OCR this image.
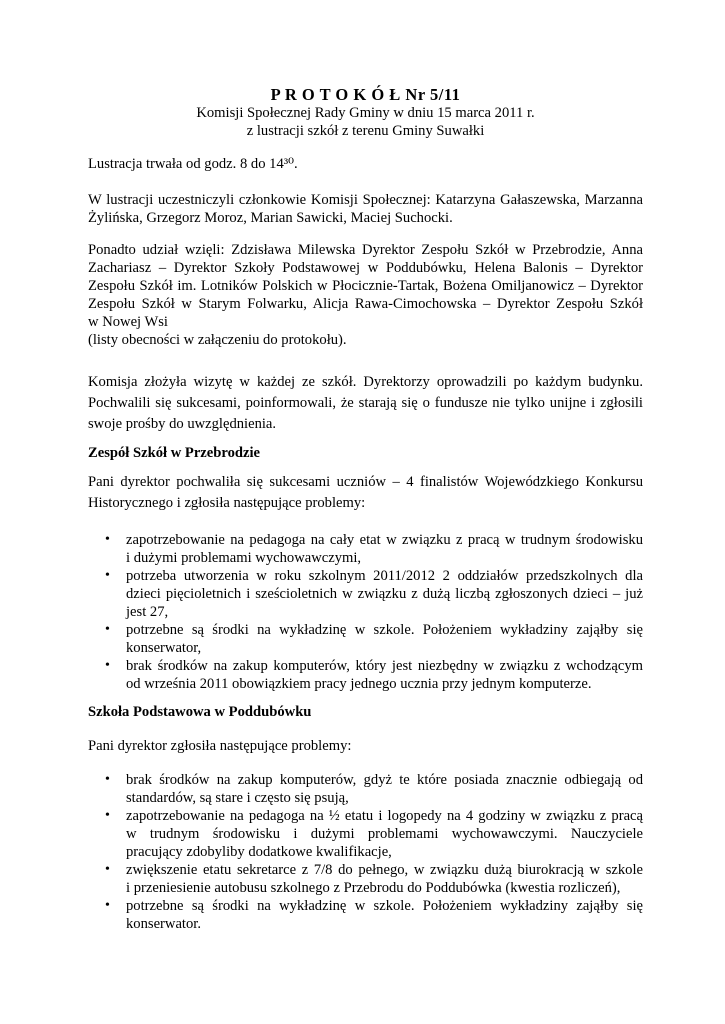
P R O T O K Ó Ł Nr 5/11
Komisji Społecznej Rady Gminy w dniu 15 marca 2011 r.
z lustracji szkół z terenu Gminy Suwałki
Lustracja trwała od godz. 8 do 14³⁰.
W lustracji uczestniczyli członkowie Komisji Społecznej: Katarzyna Gałaszewska, Marzanna
Żylińska, Grzegorz Moroz, Marian Sawicki, Maciej Suchocki.
Ponadto udział wzięli: Zdzisława Milewska Dyrektor Zespołu Szkół w Przebrodzie, Anna
Zachariasz – Dyrektor Szkoły Podstawowej w Poddubówku, Helena Balonis – Dyrektor
Zespołu Szkół im. Lotników Polskich w Płocicznie-Tartak, Bożena Omiljanowicz – Dyrektor
Zespołu Szkół w Starym Folwarku, Alicja Rawa-Cimochowska – Dyrektor Zespołu Szkół
w Nowej Wsi
(listy obecności w załączeniu do protokołu).
Komisja złożyła wizytę w każdej ze szkół. Dyrektorzy oprowadzili po każdym budynku.
Pochwalili się sukcesami, poinformowali, że starają się o fundusze nie tylko unijne i zgłosili
swoje prośby do uwzględnienia.
Zespół Szkół w Przebrodzie
Pani dyrektor pochwaliła się sukcesami uczniów – 4 finalistów Wojewódzkiego Konkursu
Historycznego i zgłosiła następujące problemy:
• zapotrzebowanie na pedagoga na cały etat w związku z pracą w trudnym środowisku
i dużymi problemami wychowawczymi,
• potrzeba utworzenia w roku szkolnym 2011/2012 2 oddziałów przedszkolnych dla
dzieci pięcioletnich i sześcioletnich w związku z dużą liczbą zgłoszonych dzieci – już
jest 27,
• potrzebne są środki na wykładzinę w szkole. Położeniem wykładziny zająłby się
konserwator,
• brak środków na zakup komputerów, który jest niezbędny w związku z wchodzącym
od września 2011 obowiązkiem pracy jednego ucznia przy jednym komputerze.
Szkoła Podstawowa w Poddubówku
Pani dyrektor zgłosiła następujące problemy:
• brak środków na zakup komputerów, gdyż te które posiada znacznie odbiegają od
standardów, są stare i często się psują,
• zapotrzebowanie na pedagoga na ½ etatu i logopedy na 4 godziny w związku z pracą
w trudnym środowisku i dużymi problemami wychowawczymi. Nauczyciele
pracujący zdobyliby dodatkowe kwalifikacje,
• zwiększenie etatu sekretarce z 7/8 do pełnego, w związku dużą biurokracją w szkole
i przeniesienie autobusu szkolnego z Przebrodu do Poddubówka (kwestia rozliczeń),
• potrzebne są środki na wykładzinę w szkole. Położeniem wykładziny zająłby się
konserwator.
